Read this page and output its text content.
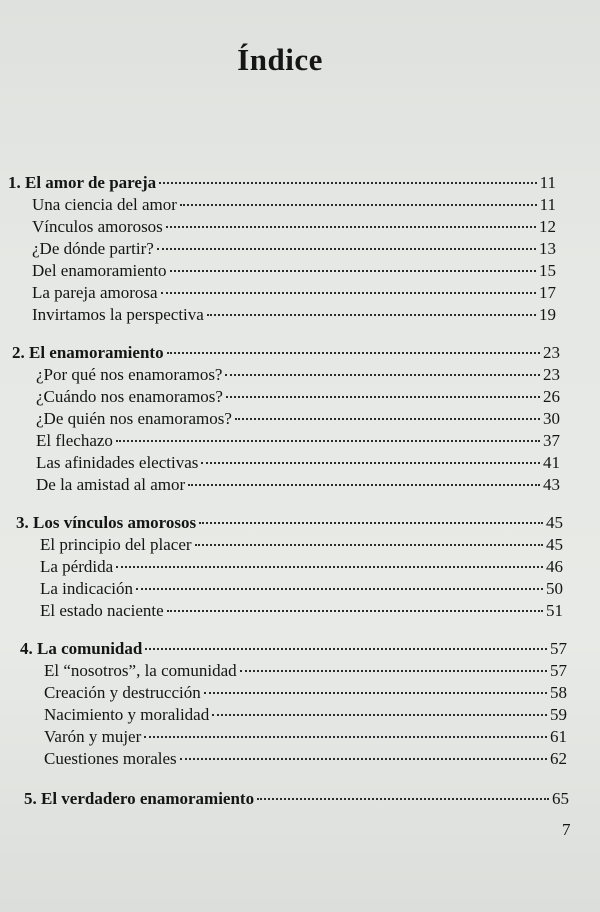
Índice
1. El amor de pareja	11
Una ciencia del amor	11
Vínculos amorosos	12
¿De dónde partir?	13
Del enamoramiento	15
La pareja amorosa	17
Invirtamos la perspectiva	19
2. El enamoramiento	23
¿Por qué nos enamoramos?	23
¿Cuándo nos enamoramos?	26
¿De quién nos enamoramos?	30
El flechazo	37
Las afinidades electivas	41
De la amistad al amor	43
3. Los vínculos amorosos	45
El principio del placer	45
La pérdida	46
La indicación	50
El estado naciente	51
4. La comunidad	57
El “nosotros”, la comunidad	57
Creación y destrucción	58
Nacimiento y moralidad	59
Varón y mujer	61
Cuestiones morales	62
5. El verdadero enamoramiento	65
7
